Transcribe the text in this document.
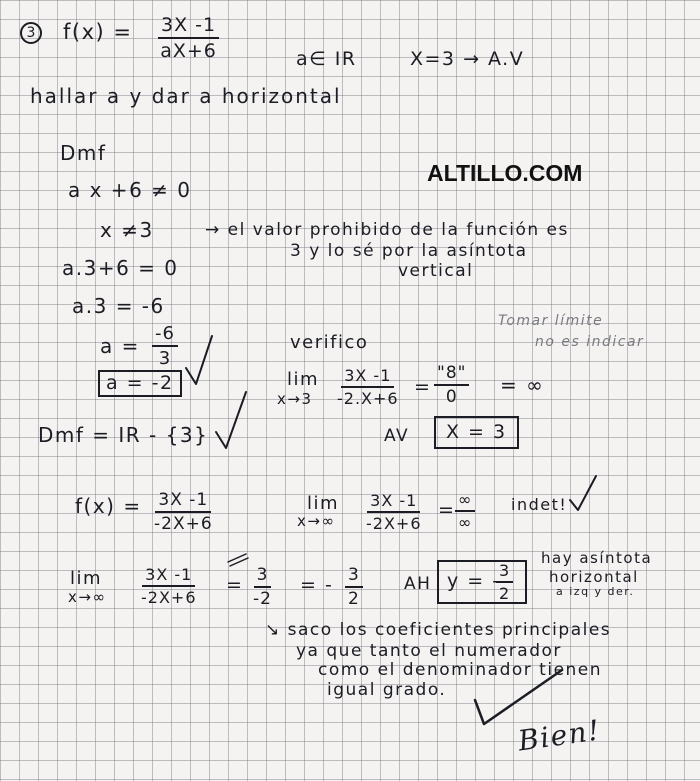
3	$f(x) = \frac{3X -1}{aX+6}$	a∈ IR	X=3 → A.V
hallar a y dar a horizontal
ALTILLO.COM
Dmf
a x +6 ≠ 0
x ≠3
a.3+6 = 0
a.3 = -6
$a = \frac{-6}{3}$
a = -2
Dmf = IR - {3}
→ el valor prohibido de la función es
3 y lo sé por la asíntota
vertical
Tomar límite
no es indicar
verifico
lim
$x\to 3 \frac{3X -1}{-2.X+6} = \frac{"8"}{0}$ = ∞
AV	X = 3
$f(x) = \frac{3X -1}{-2X+6}$	lim
$x\to\infty \frac{3X -1}{-2X+6}$ = ∞
∞
indet!
lim
$x\to\infty \frac{3X -1}{-2X+6} = \frac{3}{-2}$ = - $\frac{3}{2}$ AH y = -
$\frac{3}{2}$
hay asíntota
horizontal
a izq y der.
↘ saco los coeficientes principales
ya que tanto el numerador
como el denominador tienen
igual grado.
Bien!
